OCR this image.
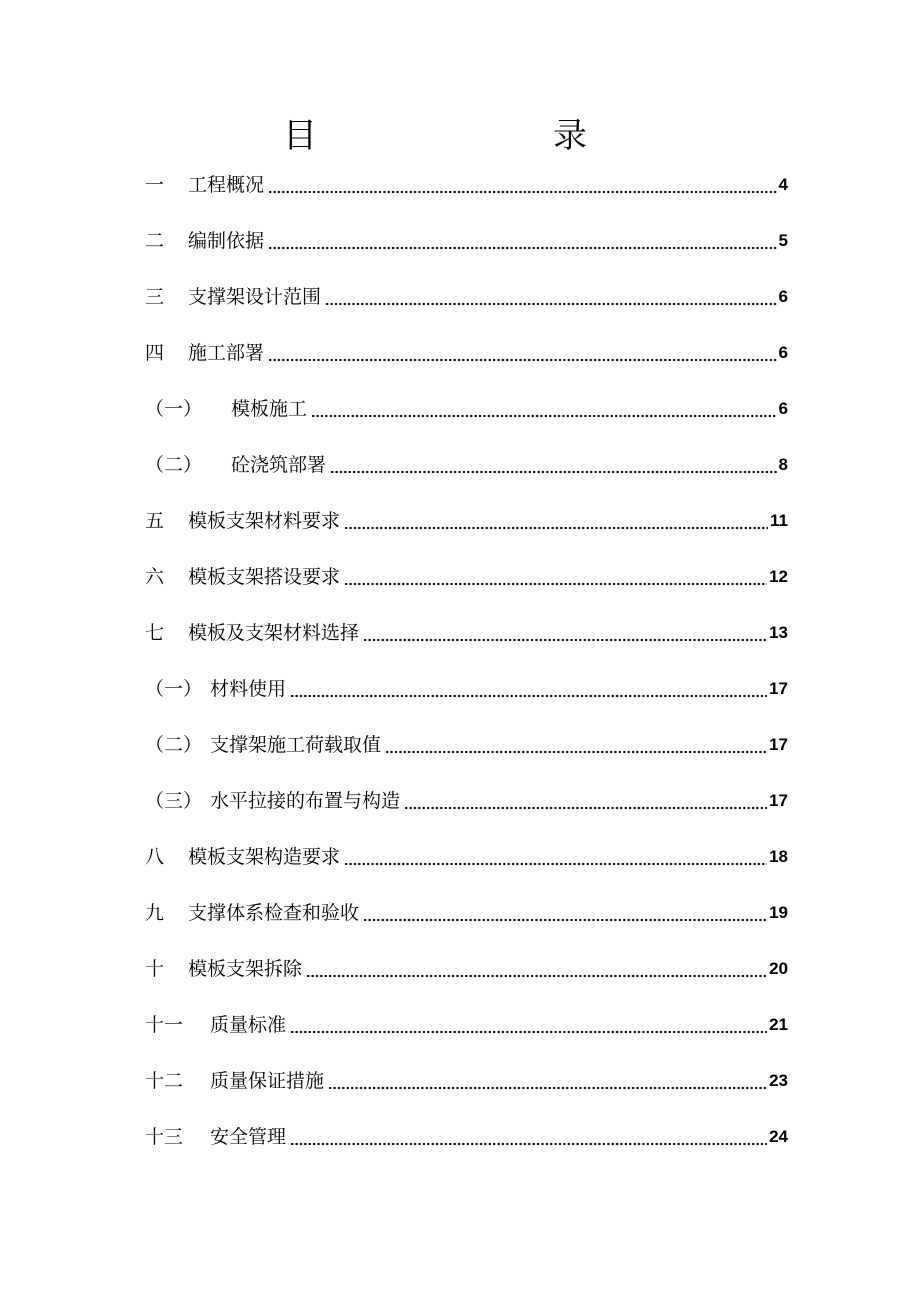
目	录
一	工程概况	4
二	编制依据	5
三	支撑架设计范围	6
四	施工部署	6
（一）	模板施工	6
（二）	砼浇筑部署	8
五	模板支架材料要求	11
六	模板支架搭设要求	12
七	模板及支架材料选择	13
（一） 材料使用	17
（二） 支撑架施工荷载取值	17
（三） 水平拉接的布置与构造	17
八	模板支架构造要求	18
九	支撑体系检查和验收	19
十	模板支架拆除	20
十一	质量标准	21
十二	质量保证措施	23
十三	安全管理	24
